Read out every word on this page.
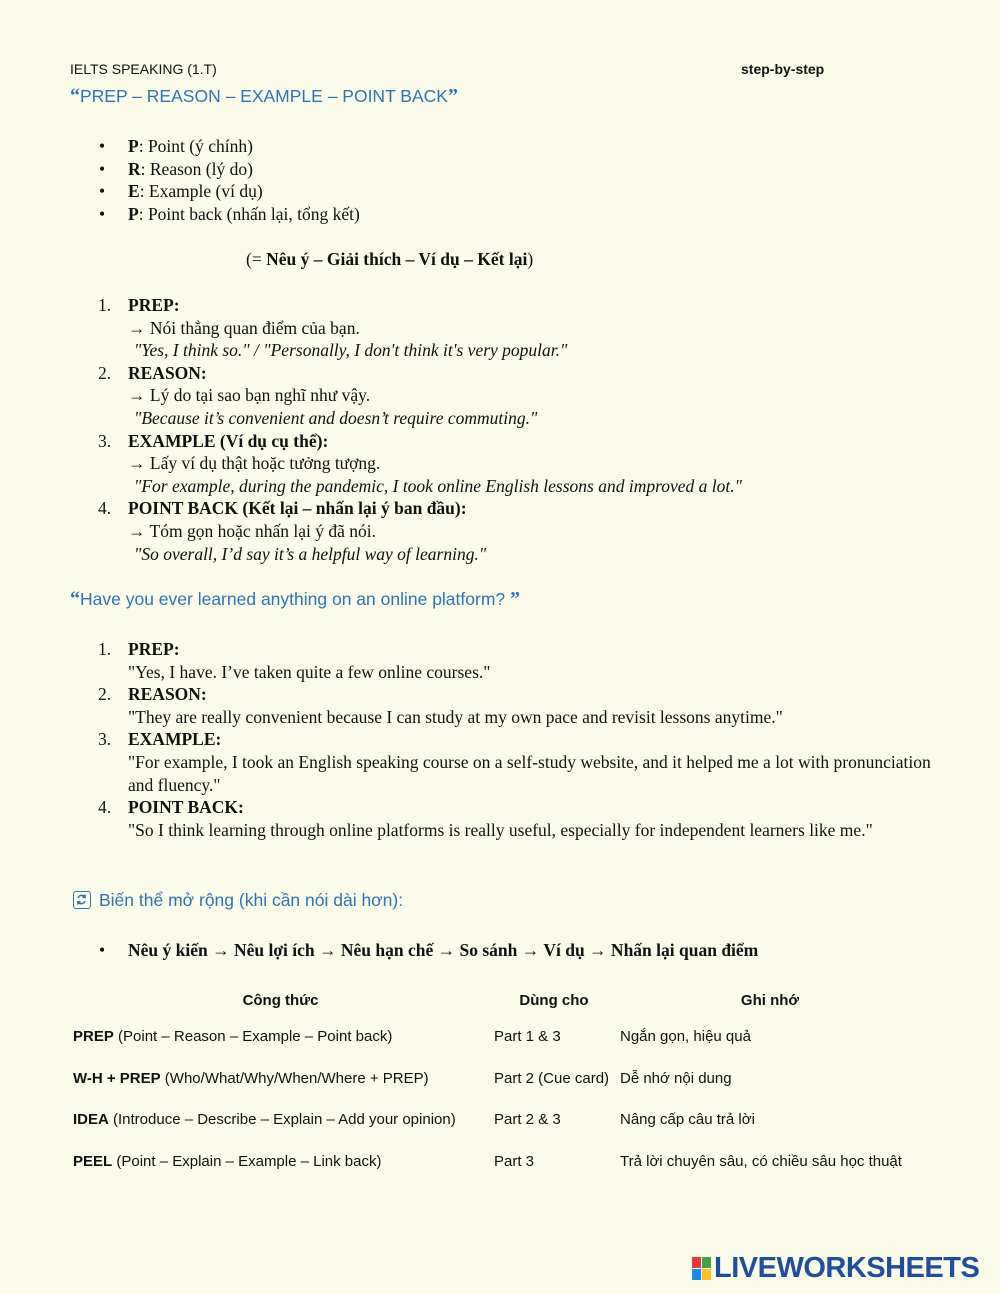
IELTS SPEAKING (1.T)	step-by-step
“PREP – REASON – EXAMPLE – POINT BACK”
• P: Point (ý chính)
• R: Reason (lý do)
• E: Example (ví dụ)
• P: Point back (nhấn lại, tổng kết)
(= Nêu ý – Giải thích – Ví dụ – Kết lại)
1. PREP:
→ Nói thẳng quan điểm của bạn.
"Yes, I think so." / "Personally, I don't think it's very popular."
2. REASON:
→ Lý do tại sao bạn nghĩ như vậy.
"Because it’s convenient and doesn’t require commuting."
3. EXAMPLE (Ví dụ cụ thể):
→ Lấy ví dụ thật hoặc tưởng tượng.
"For example, during the pandemic, I took online English lessons and improved a lot."
4. POINT BACK (Kết lại – nhấn lại ý ban đầu):
→ Tóm gọn hoặc nhấn lại ý đã nói.
"So overall, I’d say it’s a helpful way of learning."
“Have you ever learned anything on an online platform? ”
1. PREP:
"Yes, I have. I’ve taken quite a few online courses."
2. REASON:
"They are really convenient because I can study at my own pace and revisit lessons anytime."
3. EXAMPLE:
"For example, I took an English speaking course on a self-study website, and it helped me a lot with pronunciation and fluency."
4. POINT BACK:
"So I think learning through online platforms is really useful, especially for independent learners like me."
Biến thể mở rộng (khi cần nói dài hơn):
• Nêu ý kiến → Nêu lợi ích → Nêu hạn chế → So sánh → Ví dụ → Nhấn lại quan điểm
Công thức	Dùng cho	Ghi nhớ
PREP (Point – Reason – Example – Point back)	Part 1 & 3	Ngắn gọn, hiệu quả
W-H + PREP (Who/What/Why/When/Where + PREP)	Part 2 (Cue card)	Dễ nhớ nội dung
IDEA (Introduce – Describe – Explain – Add your opinion)	Part 2 & 3	Nâng cấp câu trả lời
PEEL (Point – Explain – Example – Link back)	Part 3	Trả lời chuyên sâu, có chiều sâu học thuật
LIVEWORKSHEETS
